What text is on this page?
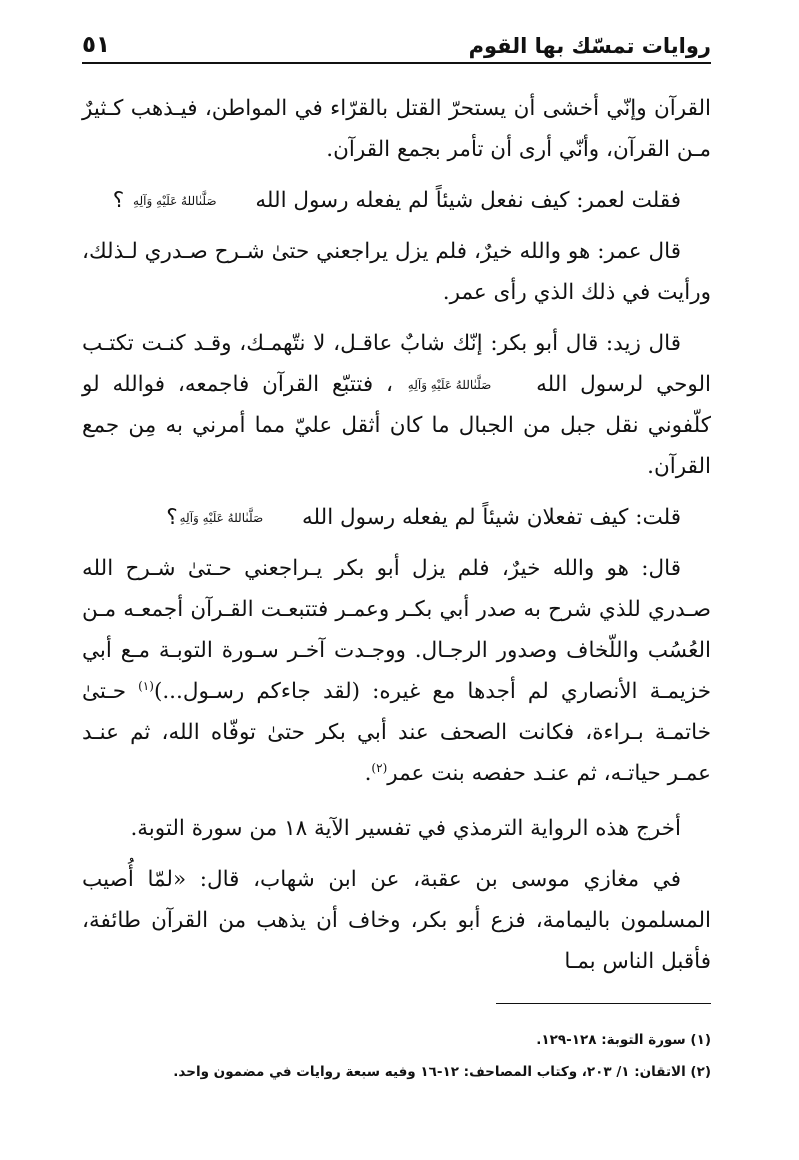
روايات تمسّك بها القوم
٥١

القرآن وإنّي أخشى أن يستحرّ القتل بالقرّاء في المواطن، فيـذهب كـثيرٌ مـن القرآن، وأنّي أرى أن تأمر بجمع القرآن.

فقلت لعمر: كيف نفعل شيئاً لم يفعله رسول الله صَلَّىٰاللهُ عَلَيْهِ وَآلِهِ ؟

قال عمر: هو والله خيرٌ، فلم يزل يراجعني حتىٰ شـرح صـدري لـذلك، ورأيت في ذلك الذي رأى عمر.

قال زيد: قال أبو بكر: إنّك شابٌ عاقـل، لا نتّهمـك، وقـد كنـت تكتـب الوحي لرسول الله صَلَّىٰاللهُ عَلَيْهِ وَآلِهِ ، فتتبّع القرآن فاجمعه، فوالله لو كلّفوني نقل جبل من الجبال ما كان أثقل عليّ مما أمرني به مِن جمع القرآن.

قلت: كيف تفعلان شيئاً لم يفعله رسول الله صَلَّىٰاللهُ عَلَيْهِ وَآلِهِ؟

قال: هو والله خيرٌ، فلم يزل أبو بكر يـراجعني حـتىٰ شـرح الله صـدري للذي شرح به صدر أبي بكـر وعمـر فتتبعـت القـرآن أجمعـه مـن العُسُب واللّخاف وصدور الرجـال. ووجـدت آخـر سـورة التوبـة مـع أبي خزيمـة الأنصاري لم أجدها مع غيره: (لقد جاءكم رسـول...)$^{(١)}$ حـتىٰ خاتمـة بـراءة، فكانت الصحف عند أبي بكر حتىٰ توفّاه الله، ثم عنـد عمـر حياتـه، ثم عنـد حفصه بنت عمر$^{(٢)}$.

أخرج هذه الرواية الترمذي في تفسير الآية ١٨ من سورة التوبة.

في مغازي موسى بن عقبة، عن ابن شهاب، قال: «لمّا أُصيب المسلمون باليمامة، فزع أبو بكر، وخاف أن يذهب من القرآن طائفة، فأقبل الناس بمـا

(١) سورة التوبة: ١٢٨-١٢٩.

(٢) الاتقان: ١/ ٢٠٣، وكتاب المصاحف: ١٢-١٦ وفيه سبعة روايات في مضمون واحد.
